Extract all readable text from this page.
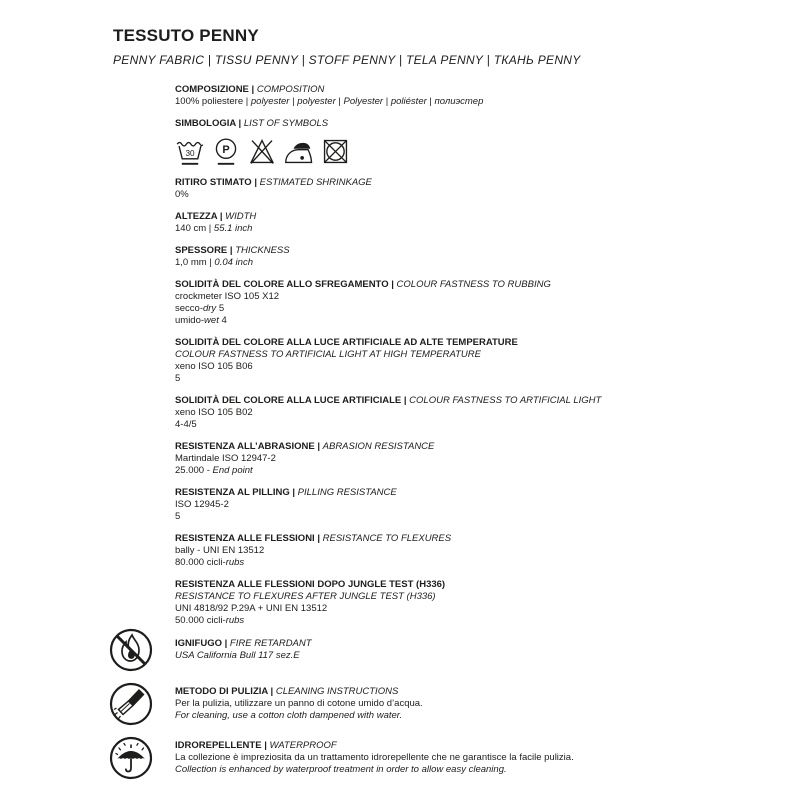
TESSUTO PENNY
PENNY FABRIC | TISSU PENNY | STOFF PENNY | TELA PENNY | ТКАНЬ PENNY
COMPOSIZIONE | COMPOSITION
100% poliestere | polyester | polyester | Polyester | poliéster | полиэстер
SIMBOLOGIA | LIST OF SYMBOLS
30 P
RITIRO STIMATO | ESTIMATED SHRINKAGE
0%
ALTEZZA | WIDTH
140 cm | 55.1 inch
SPESSORE | THICKNESS
1,0 mm | 0.04 inch
SOLIDITÀ DEL COLORE ALLO SFREGAMENTO | COLOUR FASTNESS TO RUBBING
crockmeter ISO 105 X12
secco-dry 5
umido-wet 4
SOLIDITÀ DEL COLORE ALLA LUCE ARTIFICIALE AD ALTE TEMPERATURE
COLOUR FASTNESS TO ARTIFICIAL LIGHT AT HIGH TEMPERATURE
xeno ISO 105 B06
5
SOLIDITÀ DEL COLORE ALLA LUCE ARTIFICIALE | COLOUR FASTNESS TO ARTIFICIAL LIGHT
xeno ISO 105 B02
4-4/5
RESISTENZA ALL’ABRASIONE | ABRASION RESISTANCE
Martindale ISO 12947-2
25.000 - End point
RESISTENZA AL PILLING | PILLING RESISTANCE
ISO 12945-2
5
RESISTENZA ALLE FLESSIONI | RESISTANCE TO FLEXURES
bally - UNI EN 13512
80.000 cicli-rubs
RESISTENZA ALLE FLESSIONI DOPO JUNGLE TEST (H336)
RESISTANCE TO FLEXURES AFTER JUNGLE TEST (H336)
UNI 4818/92 P.29A + UNI EN 13512
50.000 cicli-rubs
IGNIFUGO | FIRE RETARDANT
USA California Bull 117 sez.E
METODO DI PULIZIA | CLEANING INSTRUCTIONS
Per la pulizia, utilizzare un panno di cotone umido d’acqua.
For cleaning, use a cotton cloth dampened with water.
IDROREPELLENTE | WATERPROOF
La collezione è impreziosita da un trattamento idrorepellente che ne garantisce la facile pulizia.
Collection is enhanced by waterproof treatment in order to allow easy cleaning.
